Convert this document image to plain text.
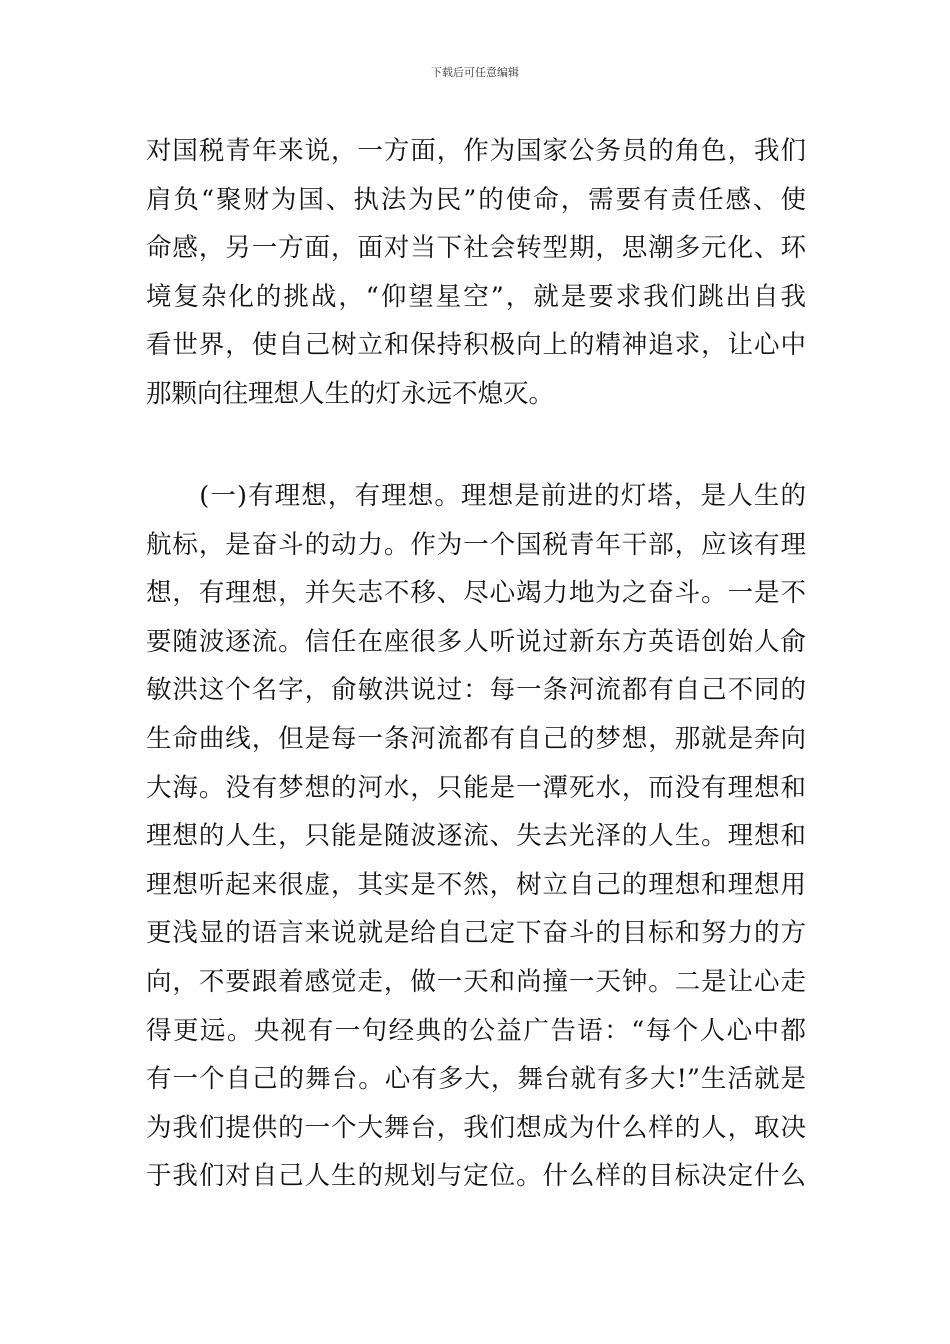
下载后可任意编辑
对国税青年来说，一方面，作为国家公务员的角色，我们
肩负“聚财为国、执法为民”的使命，需要有责任感、使
命感，另一方面，面对当下社会转型期，思潮多元化、环
境复杂化的挑战，“仰望星空”，就是要求我们跳出自我
看世界，使自己树立和保持积极向上的精神追求，让心中
那颗向往理想人生的灯永远不熄灭。
　　(一)有理想，有理想。理想是前进的灯塔，是人生的
航标，是奋斗的动力。作为一个国税青年干部，应该有理
想，有理想，并矢志不移、尽心竭力地为之奋斗。一是不
要随波逐流。信任在座很多人听说过新东方英语创始人俞
敏洪这个名字，俞敏洪说过：每一条河流都有自己不同的
生命曲线，但是每一条河流都有自己的梦想，那就是奔向
大海。没有梦想的河水，只能是一潭死水，而没有理想和
理想的人生，只能是随波逐流、失去光泽的人生。理想和
理想听起来很虚，其实是不然，树立自己的理想和理想用
更浅显的语言来说就是给自己定下奋斗的目标和努力的方
向，不要跟着感觉走，做一天和尚撞一天钟。二是让心走
得更远。央视有一句经典的公益广告语：“每个人心中都
有一个自己的舞台。心有多大，舞台就有多大!”生活就是
为我们提供的一个大舞台，我们想成为什么样的人，取决
于我们对自己人生的规划与定位。什么样的目标决定什么
